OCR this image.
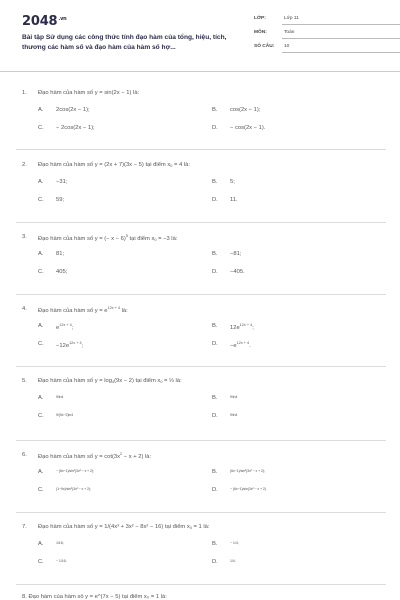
$2048^{.vn}$
Bài tập Sử dụng các công thức tính đạo hàm của tổng, hiệu, tích, thương các hàm số và đạo hàm của hàm số hợ...
LỚP:	Lớp 11
MÔN:	Toán
SỐ CÂU: 10
1. Đạo hàm của hàm số y = sin(2x − 1) là:
A. 2cos(2x − 1);	B. cos(2x − 1);
C. − 2cos(2x − 1);	D. − cos(2x − 1).
2. Đạo hàm của hàm số y = (2x + 7)(3x − 5) tại điểm $x_0 = 4$ là:
A. −31;	B. 5;
C. 59;	D. 11.
3. Đạo hàm của hàm số y = (− x − 6)$^5$ tại điểm $x_0 = -3$ là:
A. 81;	B. −81;
C. 405;	D. −405.
4. Đạo hàm của hàm số $y = e^{12x + 4}$ là:
A. $e^{12x + 4}$;	B. $12e^{12x + 4}$;
C. $-12e^{12x + 4}$;	D. $-e^{12x + 4}$.
5. Đạo hàm của hàm số $y = \log_4(9x - 2)$ tại điểm $x_0$ = ⅓ là:
A.	9/ln4	B.	9/ln4
C.	9/(9x−2)ln4	D.	9/ln4
6. Đạo hàm của hàm số $y = \cot(3x^2 - x + 2)$ là:
A.	− (6x−1)/sin²(3x² − x + 2);	B.	(6x−1)/sin²(3x² − x + 2);
C.	(1−9x)/sin²(3x² − x + 2);	D.	− (6x−1)/sin(3x² − x + 2).
7. Đạo hàm của hàm số y = 1/(4x³ + 3x² − 8x² − 16) tại điểm $x_0 = 1$ là:
A.	1/16;	B.	− 1/4;
C.	− 1/16;	D.	1/4.
8. Đạo hàm của hàm số y = e^(7x − 5) tại điểm x₀ = 1 là:
